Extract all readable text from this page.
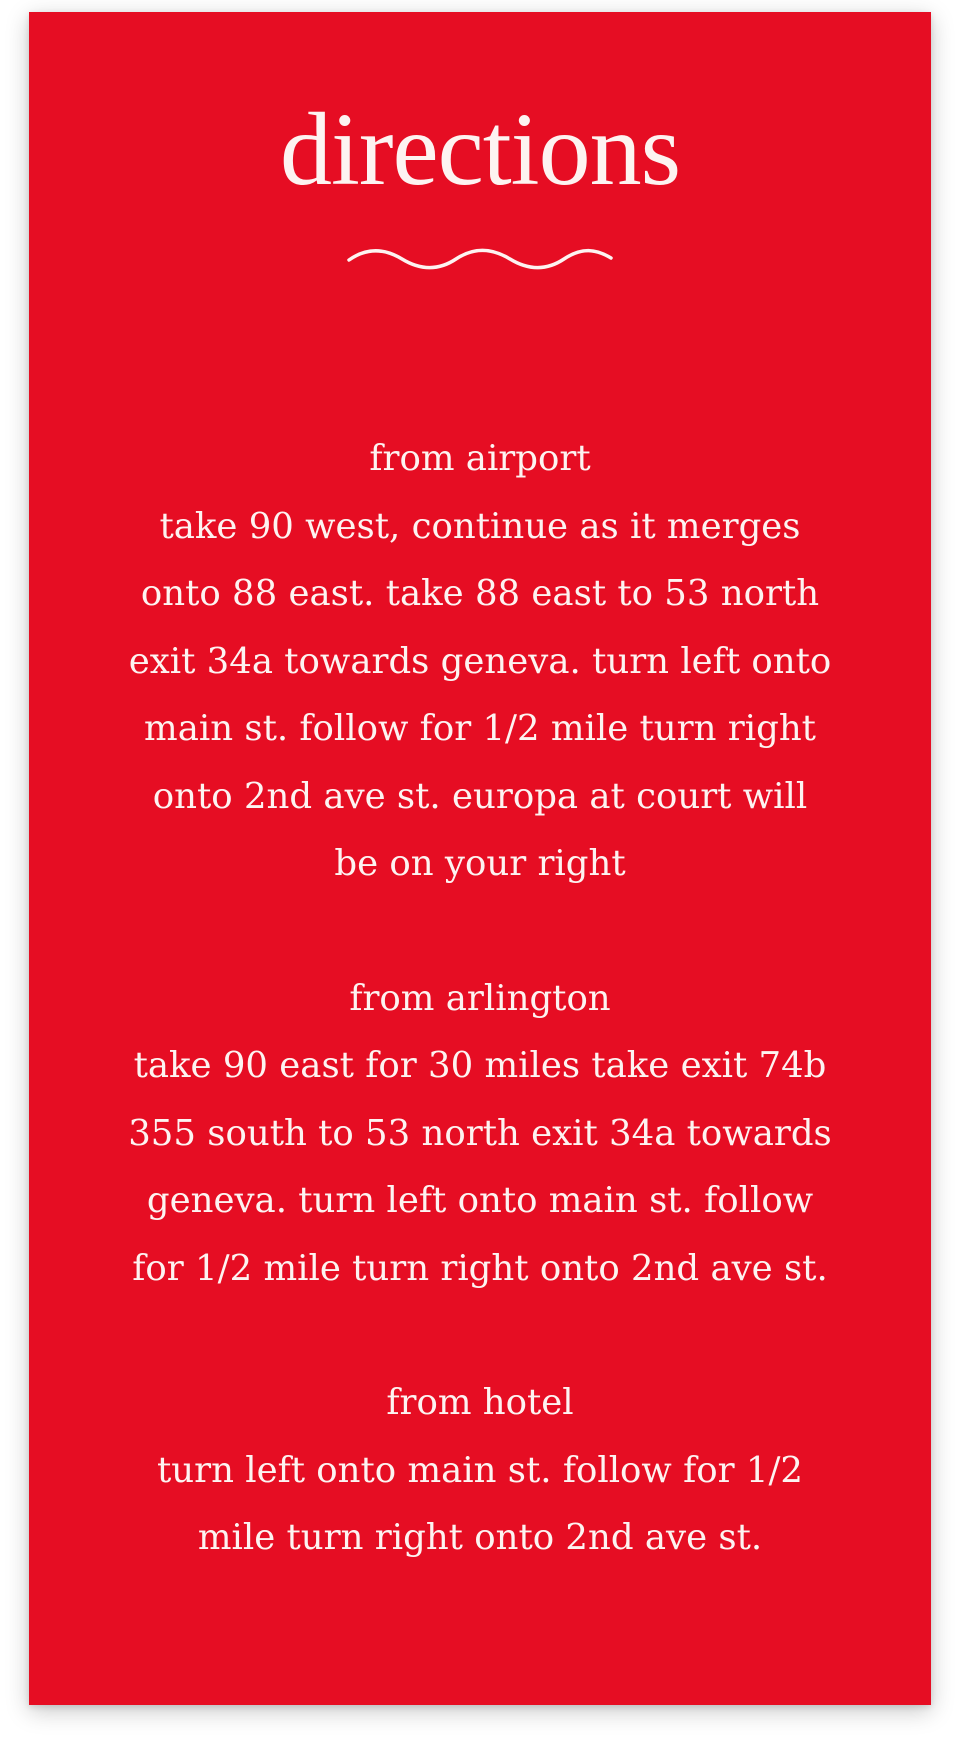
directions

from airport

take 90 west, continue as it merges
onto 88 east. take 88 east to 53 north
exit 34a towards geneva. turn left onto
main st. follow for 1/2 mile turn right
onto 2nd ave st. europa at court will
be on your right

from arlington

take 90 east for 30 miles take exit 74b
355 south to 53 north exit 34a towards
geneva. turn left onto main st. follow
for 1/2 mile turn right onto 2nd ave st.

from hotel

turn left onto main st. follow for 1/2
mile turn right onto 2nd ave st.
